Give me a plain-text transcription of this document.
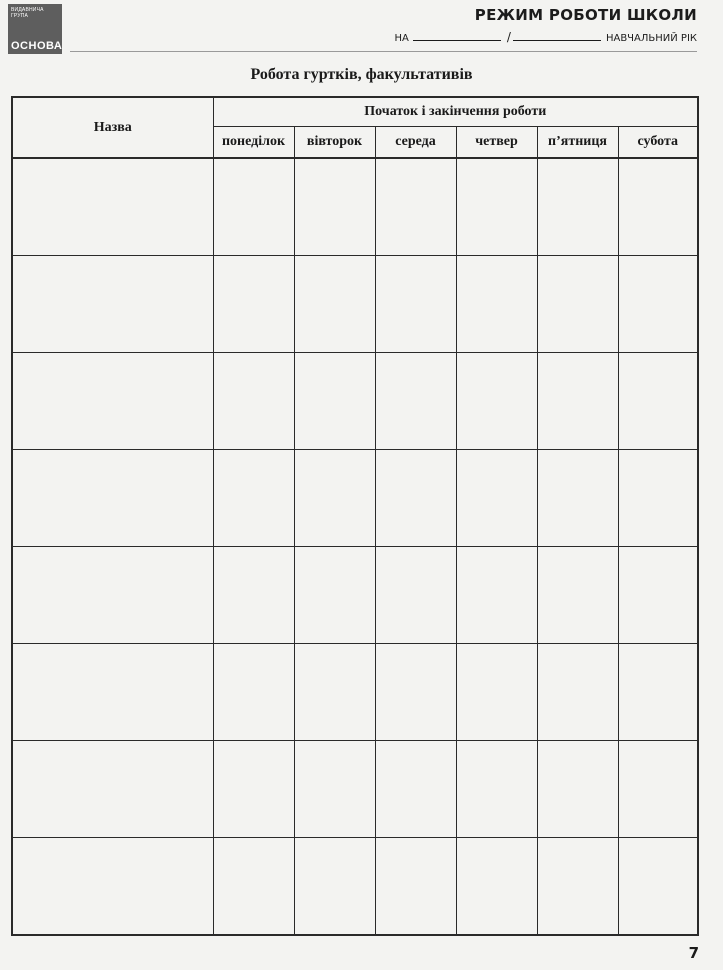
ВИДАВНИЧА ГРУПА
ОСНОВА
РЕЖИМ РОБОТИ ШКОЛИ
НА	/	НАВЧАЛЬНИЙ РІК
Робота гуртків, факультативів
Назва	Початок і закінчення роботи					
	понеділок	вівторок	середа	четвер	п’ятниця	субота

7
